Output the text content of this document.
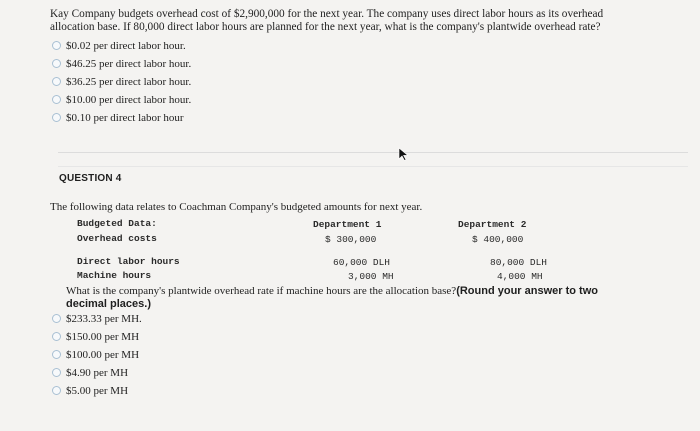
Kay Company budgets overhead cost of $2,900,000 for the next year. The company uses direct labor hours as its overhead
allocation base. If 80,000 direct labor hours are planned for the next year, what is the company's plantwide overhead rate?
$0.02 per direct labor hour.
$46.25 per direct labor hour.
$36.25 per direct labor hour.
$10.00 per direct labor hour.
$0.10 per direct labor hour
QUESTION 4
The following data relates to Coachman Company's budgeted amounts for next year.
Budgeted Data:	Department 1	Department 2
Overhead costs	$ 300,000	$ 400,000
Direct labor hours	60,000 DLH	80,000 DLH
Machine hours	3,000 MH	4,000 MH
What is the company's plantwide overhead rate if machine hours are the allocation base?(Round your answer to two
decimal places.)
$233.33 per MH.
$150.00 per MH
$100.00 per MH
$4.90 per MH
$5.00 per MH
